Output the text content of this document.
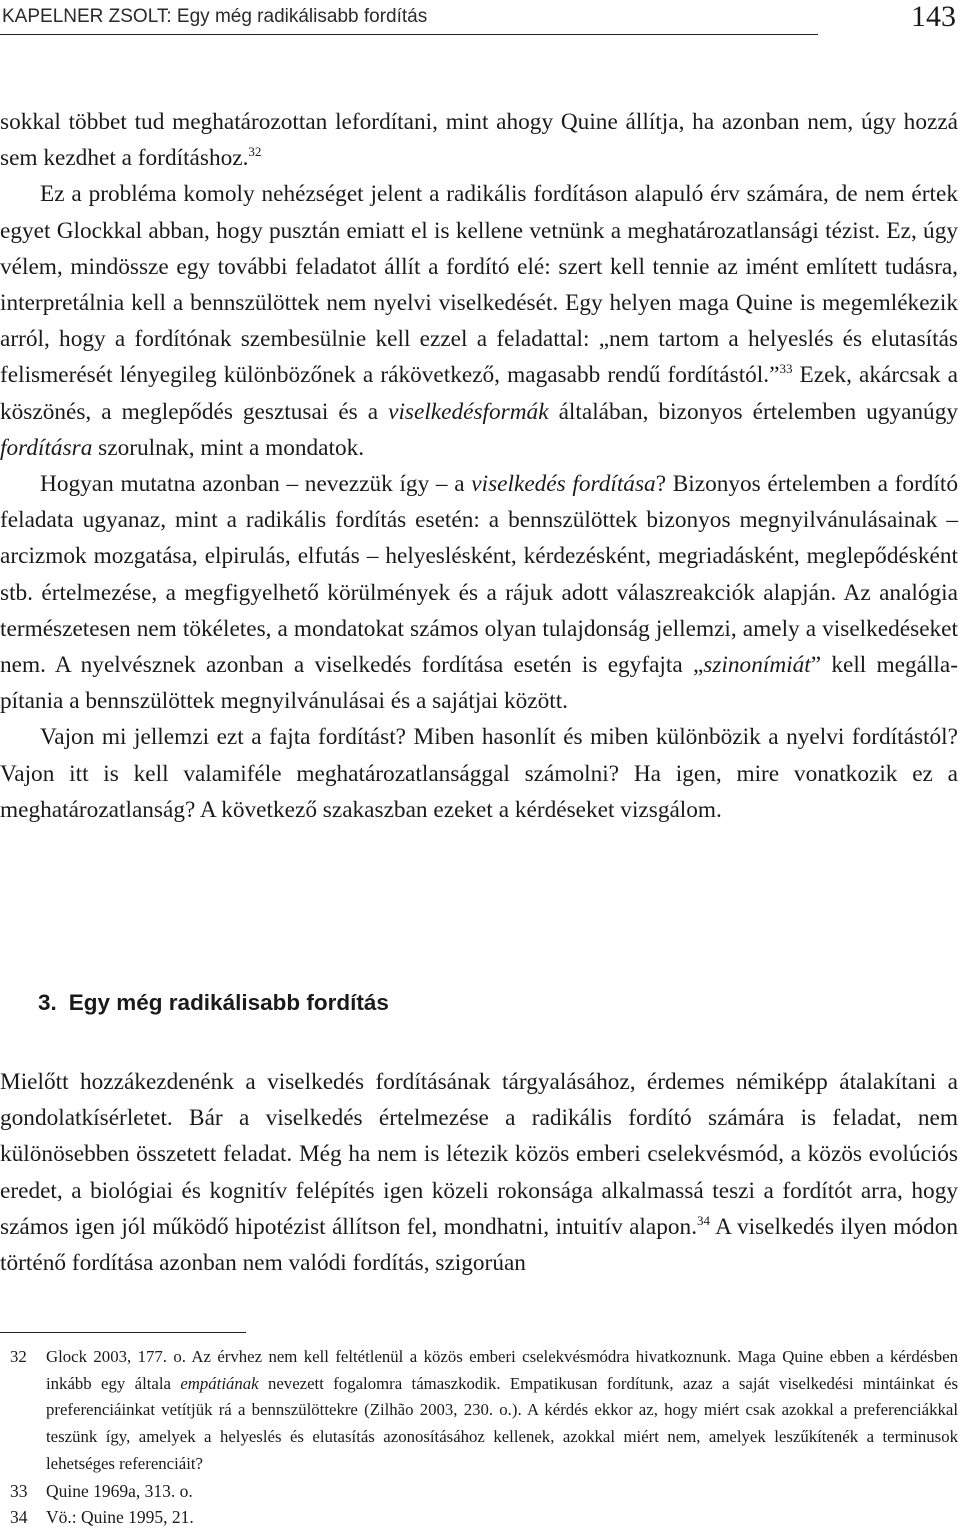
KAPELNER ZSOLT: Egy még radikálisabb fordítás	143

sokkal többet tud meghatározottan lefordítani, mint ahogy Quine állítja, ha azonban nem, úgy hozzá sem kezdhet a fordításhoz.$^{32}$

Ez a probléma komoly nehézséget jelent a radikális fordításon alapuló érv számára, de nem értek egyet Glockkal abban, hogy pusztán emiatt el is kellene vetnünk a meghatározatlansági tézist. Ez, úgy vélem, mindössze egy további feladatot állít a fordító elé: szert kell tennie az imént említett tudásra, interpretálnia kell a bennszülöttek nem nyelvi viselkedését. Egy helyen maga Quine is megemlékezik arról, hogy a fordítónak szembesülnie kell ezzel a feladattal: „nem tartom a helyeslés és elutasítás felismerését lényegileg különbözőnek a rákövetkező, magasabb rendű fordítástól.”$^{33}$ Ezek, akárcsak a köszönés, a meglepődés gesztusai és a viselkedésformák általában, bizonyos értelemben ugyanúgy fordításra szorulnak, mint a mondatok.

Hogyan mutatna azonban – nevezzük így – a viselkedés fordítása? Bizonyos értelemben a fordító feladata ugyanaz, mint a radikális fordítás esetén: a bennszülöttek bizonyos megnyilvánulásainak – arcizmok mozgatása, elpirulás, elfutás – helyeslésként, kérdezésként, megriadásként, meglepődésként stb. értelmezése, a megfigyelhető körülmények és a rájuk adott válaszreakciók alapján. Az analógia természetesen nem tökéletes, a mondatokat számos olyan tulajdonság jellemzi, amely a viselkedéseket nem. A nyelvésznek azonban a viselkedés fordítása esetén is egyfajta „szinonímiát” kell megállapítania a bennszülöttek megnyilvánulásai és a sajátjai között.

Vajon mi jellemzi ezt a fajta fordítást? Miben hasonlít és miben különbözik a nyelvi fordítástól? Vajon itt is kell valamiféle meghatározatlansággal számolni? Ha igen, mire vonatkozik ez a meghatározatlanság? A következő szakaszban ezeket a kérdéseket vizsgálom.

3. Egy még radikálisabb fordítás

Mielőtt hozzákezdenénk a viselkedés fordításának tárgyalásához, érdemes némiképp átalakítani a gondolatkísérletet. Bár a viselkedés értelmezése a radikális fordító számára is feladat, nem különösebben összetett feladat. Még ha nem is létezik közös emberi cselekvésmód, a közös evolúciós eredet, a biológiai és kognitív felépítés igen közeli rokonsága alkalmassá teszi a fordítót arra, hogy számos igen jól működő hipotézist állítson fel, mondhatni, intuitív alapon.$^{34}$ A viselkedés ilyen módon történő fordítása azonban nem valódi fordítás, szigorúan

32 Glock 2003, 177. o. Az érvhez nem kell feltétlenül a közös emberi cselekvésmódra hivatkoznunk. Maga Quine ebben a kérdésben inkább egy általa empátiának nevezett fogalomra támaszkodik. Empatikusan fordítunk, azaz a saját viselkedési mintáinkat és preferenciáinkat vetítjük rá a bennszülöttekre (Zilhão 2003, 230. o.). A kérdés ekkor az, hogy miért csak azokkal a preferenciákkal teszünk így, amelyek a helyeslés és elutasítás azonosításához kellenek, azokkal miért nem, amelyek leszűkítenék a terminusok lehetséges referenciáit?
33 Quine 1969a, 313. o.
34 Vö.: Quine 1995, 21.
